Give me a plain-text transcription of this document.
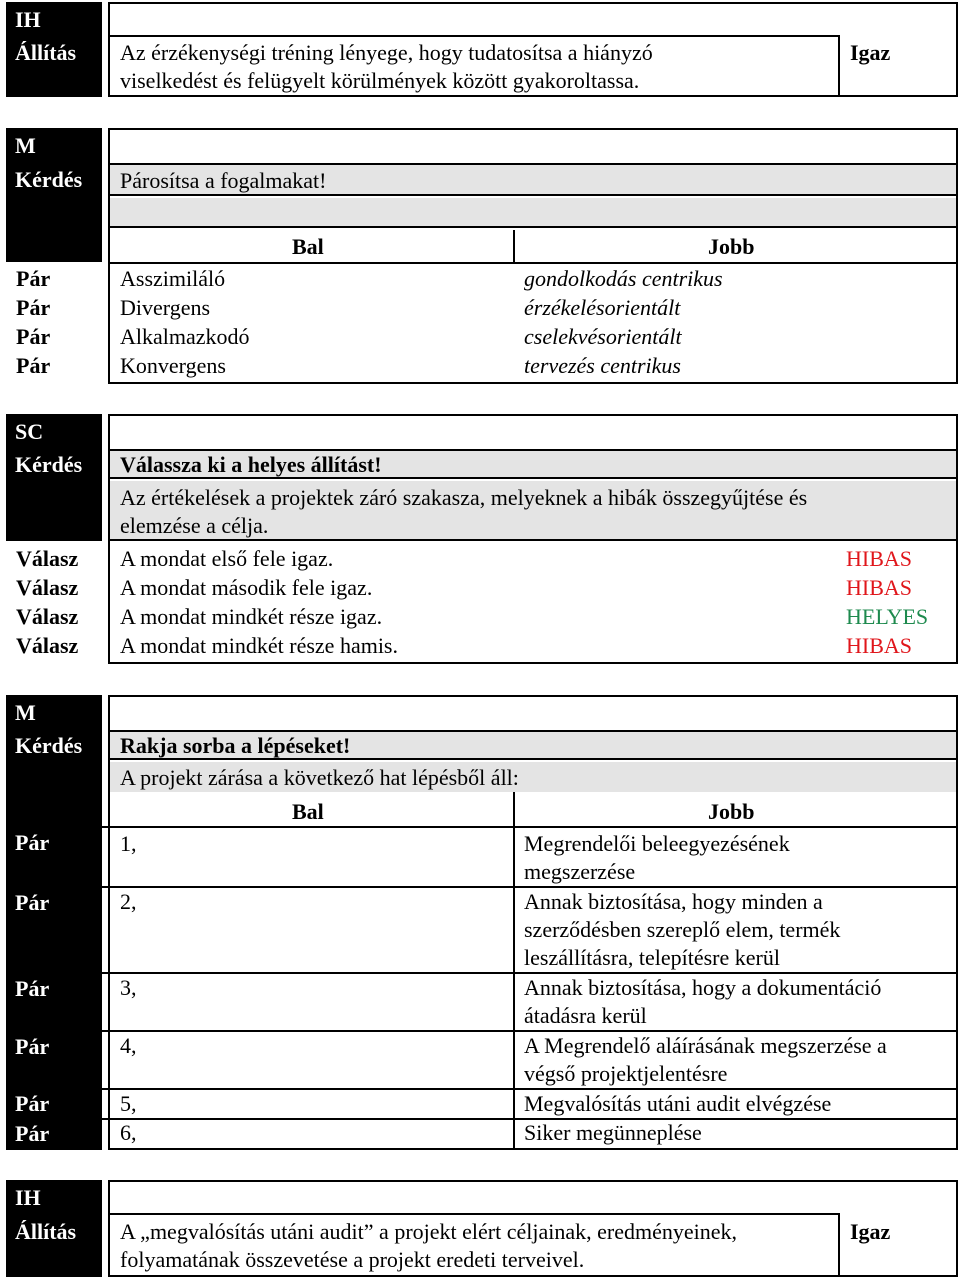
IH
Állítás	Az érzékenységi tréning lényege, hogy tudatosítsa a hiányzó
viselkedést és felügyelt körülmények között gyakoroltassa.
Igaz
M
Kérdés	Párosítsa a fogalmakat!
Bal	Jobb
Pár	Asszimiláló	gondolkodás centrikus
Pár	Divergens	érzékelésorientált
Pár	Alkalmazkodó	cselekvésorientált
Pár	Konvergens	tervezés centrikus
SC
Kérdés	Válassza ki a helyes állítást!
Az értékelések a projektek záró szakasza, melyeknek a hibák összegyűjtése és
elemzése a célja.
Válasz A mondat első fele igaz.	HIBAS
Válasz A mondat második fele igaz.	HIBAS
Válasz A mondat mindkét része igaz.	HELYES
Válasz A mondat mindkét része hamis.	HIBAS
M
Kérdés	Rakja sorba a lépéseket!
A projekt zárása a következő hat lépésből áll:
Bal	Jobb
Pár	1,	Megrendelői beleegyezésének
megszerzése
Pár	2,	Annak biztosítása, hogy minden a
szerződésben szereplő elem, termék
leszállításra, telepítésre kerül
Pár	3,	Annak biztosítása, hogy a dokumentáció
átadásra kerül
Pár	4,	A Megrendelő aláírásának megszerzése a
végső projektjelentésre
Pár	5,	Megvalósítás utáni audit elvégzése
Pár	6,	Siker megünneplése
IH
Állítás	A „megvalósítás utáni audit” a projekt elért céljainak, eredményeinek,
folyamatának összevetése a projekt eredeti terveivel.
Igaz
